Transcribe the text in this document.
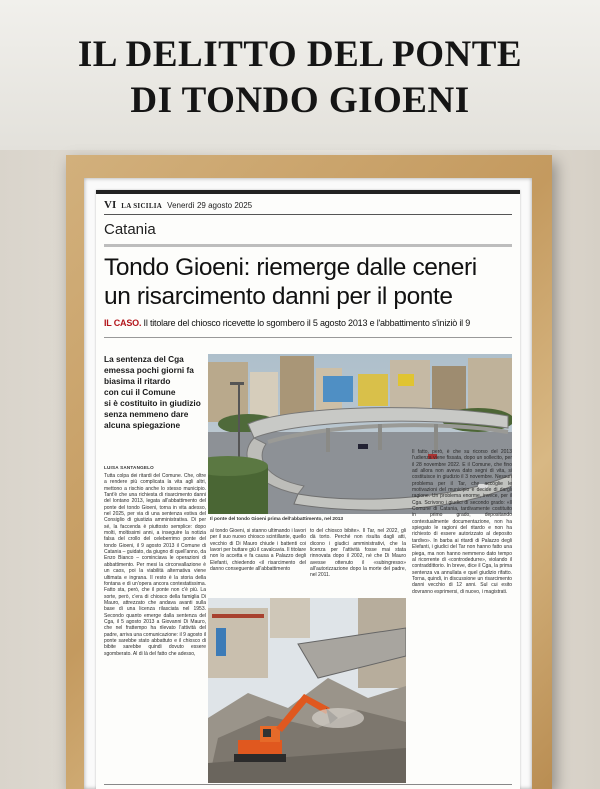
IL DELITTO DEL PONTE
DI TONDO GIOENI
VI LA SICILIA Venerdì 29 agosto 2025
Catania
Tondo Gioeni: riemerge dalle ceneri
un risarcimento danni per il ponte
IL CASO. Il titolare del chiosco ricevette lo sgombero il 5 agosto 2013 e l'abbattimento s'iniziò il 9
La sentenza del Cga
emessa pochi giorni fa
biasima il ritardo
con cui il Comune
si è costituito in giudizio
senza nemmeno dare
alcuna spiegazione
Il ponte del tondo Gioeni prima dell'abbattimento, nel 2013
LUISA SANTANGELO

Tutta colpa dei ritardi del Comune. Che, oltre a rendere più complicata la vita agli altri, mettono a rischio anche lo stesso municipio. Tant'è che una richiesta di risarcimento danni del lontano 2013, legata all'abbattimento del ponte del tondo Gioeni, torna in vita adesso, nel 2025, per via di una sentenza estiva del Consiglio di giustizia amministrativa. Di per sé, la faccenda è piuttosto semplice: dopo molti, moltissimi anni, a inseguire la notizia falsa del crollo del celeberrimo ponte del tondo Gioeni, il 9 agosto 2013 il Comune di Catania – guidato, da giugno di quell'anno, da Enzo Bianco – cominciava le operazioni di abbattimento. Per mesi la circonvallazione è un caos, poi la viabilità alternativa viene ultimata e ingrana. Il resto è la storia della fontana e di un'opera ancora contestatissima. Fatto sta, però, che il ponte non c'è più. La sorte, però, c'era di chiosco della famiglia Di Mauro, attrezzato che andava avanti sulla base di una licenza rilasciata nel 1953. Secondo quanto emerge dalla sentenza del Cga, il 5 agosto 2013 a Giovanni Di Mauro, che nel frattempo ha rilevato l'attività del padre, arriva una comunicazione: il 9 agosto il ponte sarebbe stato abbattuto e il chiosco di bibite sarebbe quindi dovuto essere sgomberato. Al di là del fatto che adesso,

al tondo Gioeni, si stanno ultimando i lavori per il suo nuovo chiosco scintillante, quello vecchio di Di Mauro chiude i battenti coi lavori per buttare giù il cavalcavia. Il titolare non lo accetta e fa causa a Palazzo degli Elefanti, chiedendo «il risarcimento del danno conseguente all'abbattimento

to del chiosco bibite». Il Tar, nel 2022, gli dà torto. Perché non risulta dagli atti, dicono i giudici amministrativi, che la licenza per l'attività fosse mai stata rinnovata dopo il 2002, né che Di Mauro avesse ottenuto il «subingresso» all'autorizzazione dopo la morte del padre, nel 2011.

Il fatto, però, è che su ricorso del 2013 l'udienza viene fissata, dopo un sollecito, per il 28 novembre 2022. E il Comune, che fino ad allora non aveva dato segni di vita, si costituisce in giudizio il 3 novembre. Nessun problema per il Tar, che accoglie le motivazioni del municipio e decide di dargli ragione. Un problema enorme, invece, per il Cga. Scrivono i giudici di secondo grado: «Il Comune di Catania, tardivamente costituito in primo grado, depositando contestualmente documentazione, non ha spiegato le ragioni del ritardo e non ha richiesto di essere autorizzato al deposito tardivo». In barba ai ritardi di Palazzo degli Elefanti, i giudici del Tar non hanno fatto una piega, ma non hanno nemmeno dato tempo al ricorrente di «controdedurre», violando il contraddittorio. In breve, dice il Cga, la prima sentenza va annullata e quel giudizio rifatto. Torna, quindi, in discussione un risarcimento danni vecchio di 12 anni. Sul cui esito dovranno esprimersi, di nuovo, i magistrati.
